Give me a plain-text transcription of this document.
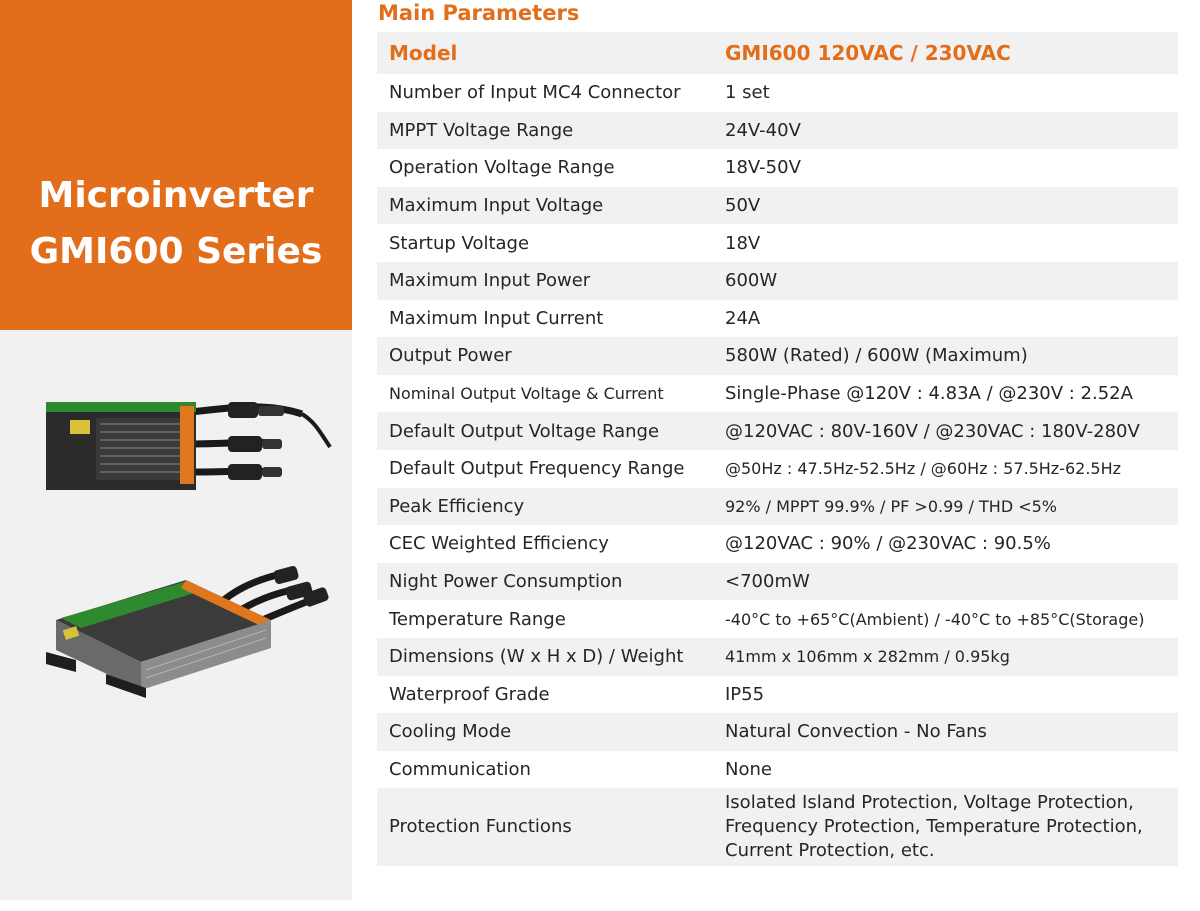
Microinverter
GMI600 Series
Main Parameters
Model	GMI600 120VAC / 230VAC
Number of Input MC4 Connector	1 set
MPPT Voltage Range	24V-40V
Operation Voltage Range	18V-50V
Maximum Input Voltage	50V
Startup Voltage	18V
Maximum Input Power	600W
Maximum Input Current	24A
Output Power	580W (Rated) / 600W (Maximum)
Nominal Output Voltage & Current	Single-Phase @120V : 4.83A / @230V : 2.52A
Default Output Voltage Range	@120VAC : 80V-160V / @230VAC : 180V-280V
Default Output Frequency Range	@50Hz : 47.5Hz-52.5Hz / @60Hz : 57.5Hz-62.5Hz
Peak Efficiency	92% / MPPT 99.9% / PF >0.99 / THD <5%
CEC Weighted Efficiency	@120VAC : 90% / @230VAC : 90.5%
Night Power Consumption	<700mW
Temperature Range	-40°C to +65°C(Ambient) / -40°C to +85°C(Storage)
Dimensions (W x H x D) / Weight	41mm x 106mm x 282mm / 0.95kg
Waterproof Grade	IP55
Cooling Mode	Natural Convection - No Fans
Communication	None
Protection Functions	Isolated Island Protection, Voltage Protection, Frequency Protection, Temperature Protection, Current Protection, etc.
